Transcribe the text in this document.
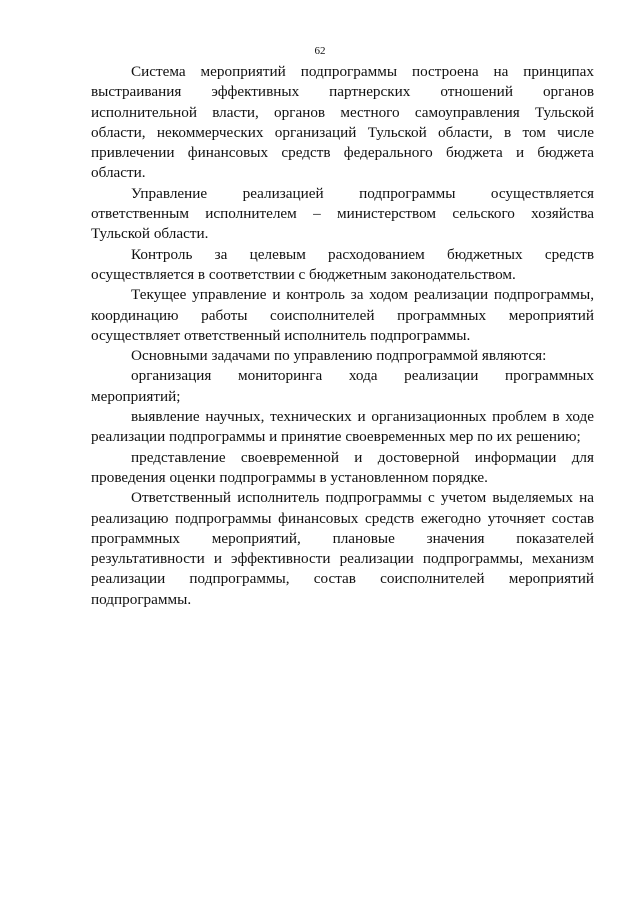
62

Система мероприятий подпрограммы построена на принципах выстраивания эффективных партнерских отношений органов исполнительной власти, органов местного самоуправления Тульской области, некоммерческих организаций Тульской области, в том числе привлечении финансовых средств федерального бюджета и бюджета области.

Управление реализацией подпрограммы осуществляется ответственным исполнителем – министерством сельского хозяйства Тульской области.

Контроль за целевым расходованием бюджетных средств осуществляется в соответствии с бюджетным законодательством.

Текущее управление и контроль за ходом реализации подпрограммы, координацию работы соисполнителей программных мероприятий осуществляет ответственный исполнитель подпрограммы.

Основными задачами по управлению подпрограммой являются:

организация мониторинга хода реализации программных мероприятий;

выявление научных, технических и организационных проблем в ходе реализации подпрограммы и принятие своевременных мер по их решению;

представление своевременной и достоверной информации для проведения оценки подпрограммы в установленном порядке.

Ответственный исполнитель подпрограммы с учетом выделяемых на реализацию подпрограммы финансовых средств ежегодно уточняет состав программных мероприятий, плановые значения показателей результативности и эффективности реализации подпрограммы, механизм реализации подпрограммы, состав соисполнителей мероприятий подпрограммы.
